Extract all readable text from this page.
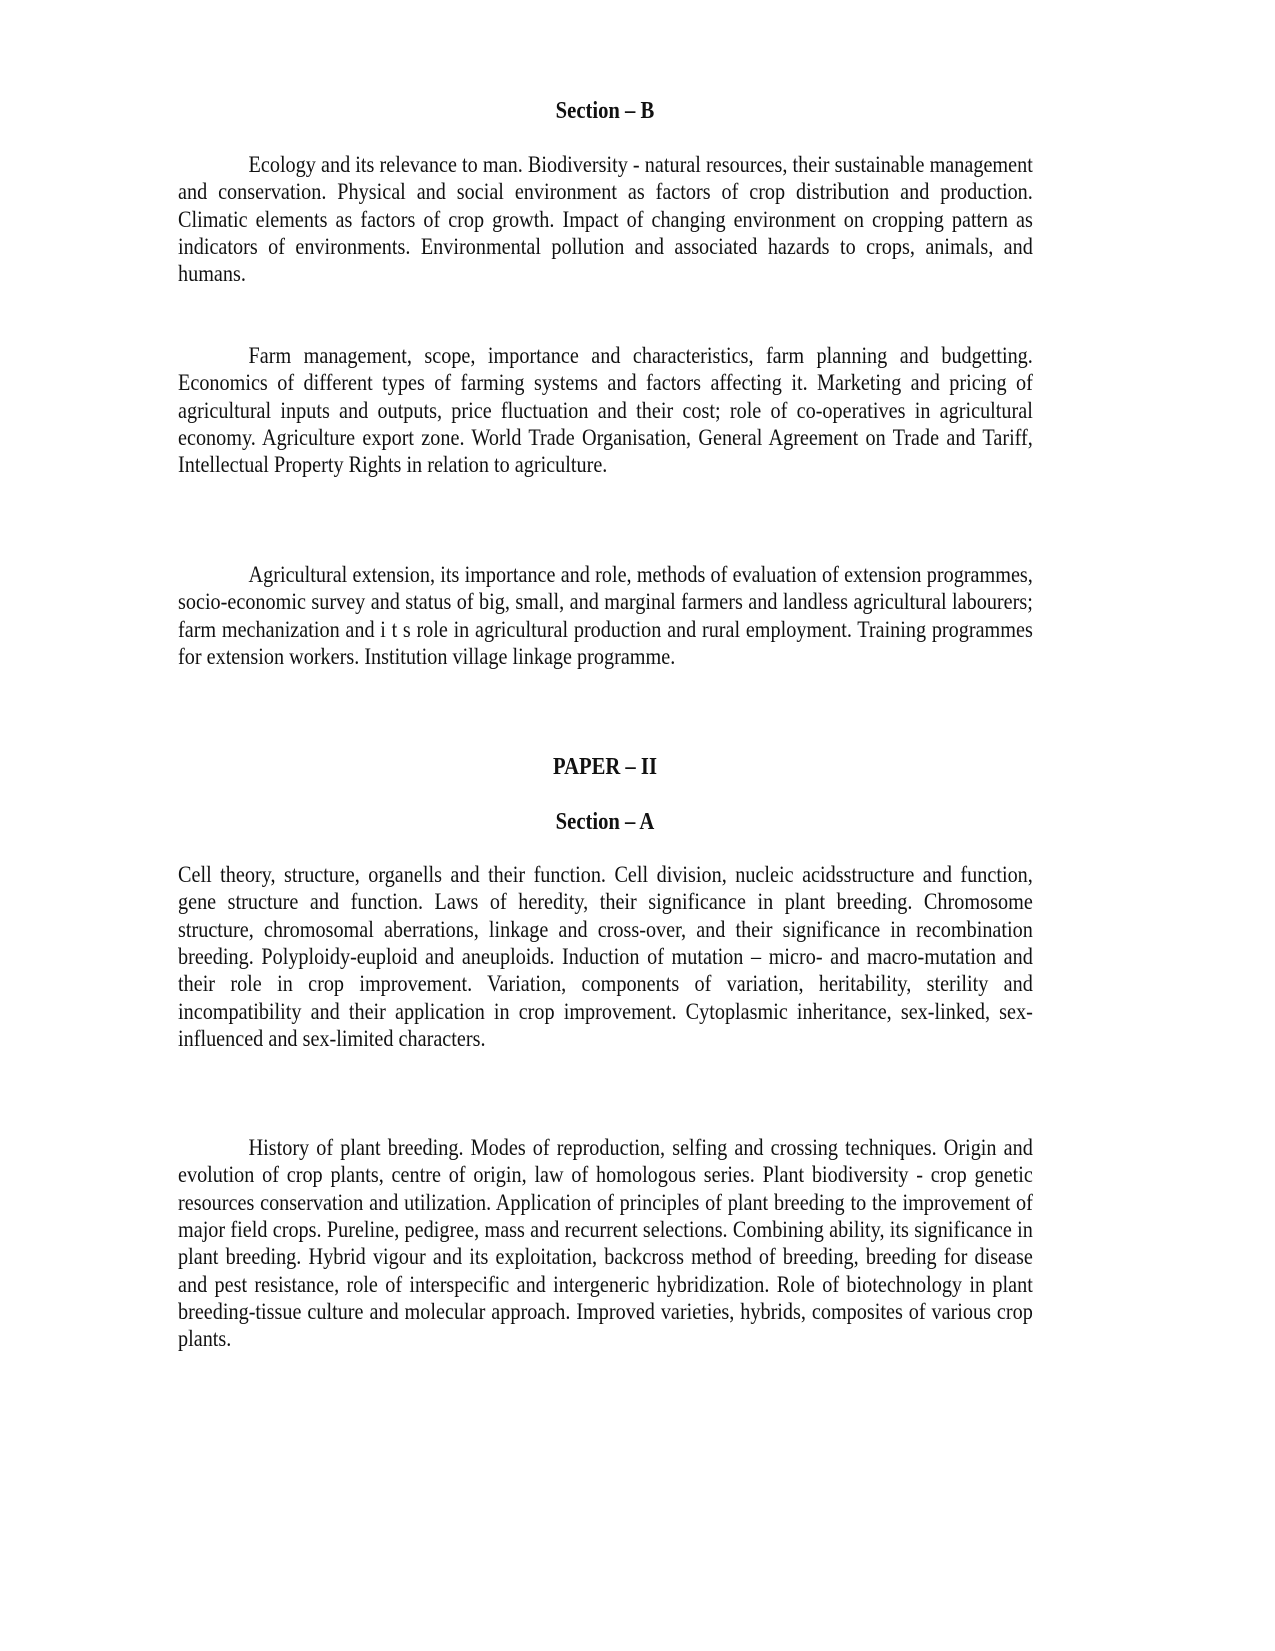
Section – B

Ecology and its relevance to man. Biodiversity - natural resources, their sustainable management and conservation. Physical and social environment as factors of crop distribution and production. Climatic elements as factors of crop growth. Impact of changing environment on cropping pattern as indicators of environments. Environmental pollution and associated hazards to crops, animals, and humans.

Farm management, scope, importance and characteristics, farm planning and budgetting. Economics of different types of farming systems and factors affecting it. Marketing and pricing of agricultural inputs and outputs, price fluctuation and their cost; role of co-operatives in agricultural economy. Agriculture export zone. World Trade Organisation, General Agreement on Trade and Tariff, Intellectual Property Rights in relation to agriculture.

Agricultural extension, its importance and role, methods of evaluation of extension programmes, socio-economic survey and status of big, small, and marginal farmers and landless agricultural labourers; farm mechanization and i t s role in agricultural production and rural employment. Training programmes for extension workers. Institution village linkage programme.

PAPER – II
Section – A

Cell theory, structure, organells and their function. Cell division, nucleic acidsstructure and function, gene structure and function. Laws of heredity, their significance in plant breeding. Chromosome structure, chromosomal aberrations, linkage and cross-over, and their significance in recombination breeding. Polyploidy-euploid and aneuploids. Induction of mutation – micro- and macro-mutation and their role in crop improvement. Variation, components of variation, heritability, sterility and incompatibility and their application in crop improvement. Cytoplasmic inheritance, sex-linked, sex-influenced and sex-limited characters.

History of plant breeding. Modes of reproduction, selfing and crossing techniques. Origin and evolution of crop plants, centre of origin, law of homologous series. Plant biodiversity - crop genetic resources conservation and utilization. Application of principles of plant breeding to the improvement of major field crops. Pureline, pedigree, mass and recurrent selections. Combining ability, its significance in plant breeding. Hybrid vigour and its exploitation, backcross method of breeding, breeding for disease and pest resistance, role of interspecific and intergeneric hybridization. Role of biotechnology in plant breeding-tissue culture and molecular approach. Improved varieties, hybrids, composites of various crop plants.
